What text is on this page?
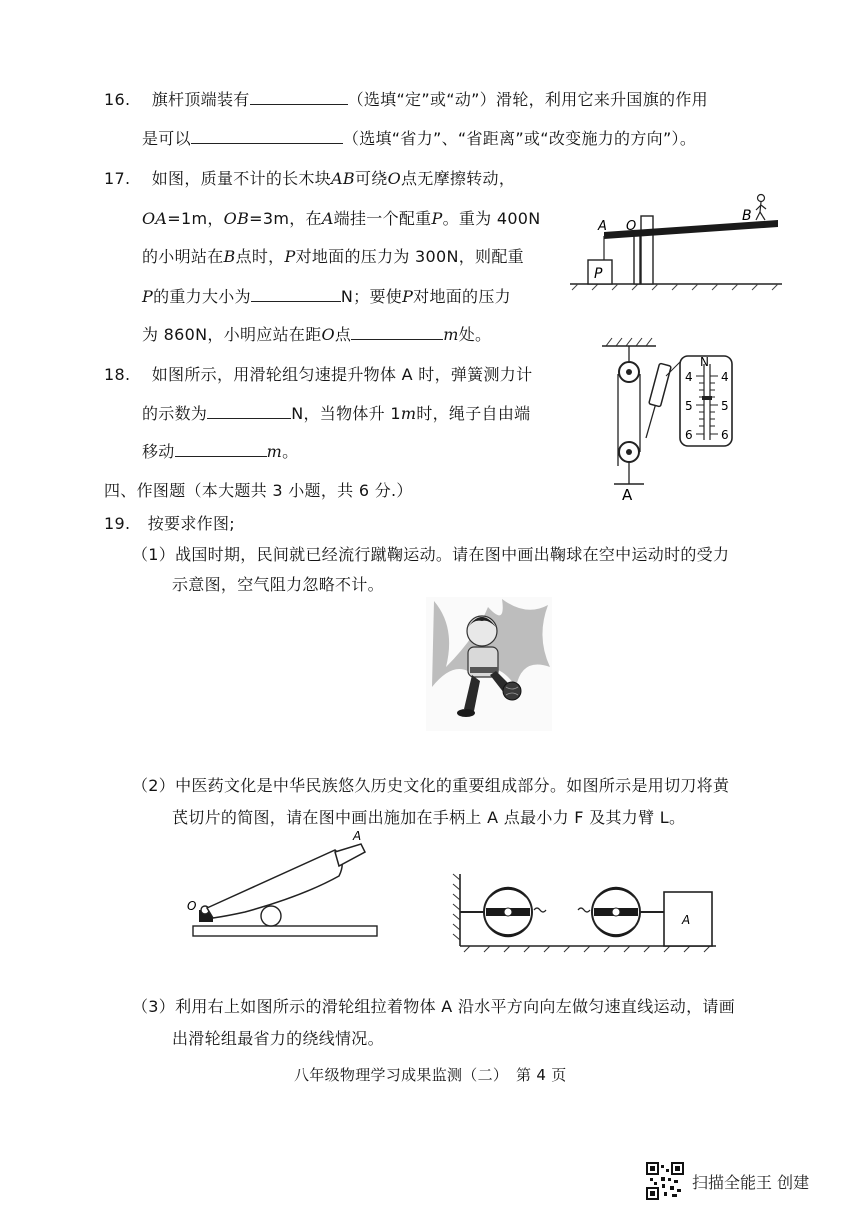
16. 旗杆顶端装有	（选填“定”或“动”）滑轮，利用它来升国旗的作用
是可以	（选填“省力”、“省距离”或“改变施力的方向”）。
17. 如图，质量不计的长木块AB可绕O点无摩擦转动，
OA=1m，OB=3m，在A端挂一个配重P。重为 400N
的小明站在B点时，P对地面的压力为 300N，则配重
P的重力大小为	N；要使P对地面的压力
为 860N，小明应站在距O点	m处。
P
A O
B
18. 如图所示，用滑轮组匀速提升物体 A 时，弹簧测力计
的示数为	N，当物体升 1m时，绳子自由端
移动	m。
A
N
4 4
5 5
6 6
四、作图题（本大题共 3 小题，共 6 分.）
19. 按要求作图;
（1）战国时期，民间就已经流行蹴鞠运动。请在图中画出鞠球在空中运动时的受力
示意图，空气阻力忽略不计。
（2）中医药文化是中华民族悠久历史文化的重要组成部分。如图所示是用切刀将黄
芪切片的简图，请在图中画出施加在手柄上 A 点最小力 F 及其力臂 L。
A
O
A
（3）利用右上如图所示的滑轮组拉着物体 A 沿水平方向向左做匀速直线运动，请画
出滑轮组最省力的绕线情况。
八年级物理学习成果监测（二）　第 4 页
扫描全能王 创建
